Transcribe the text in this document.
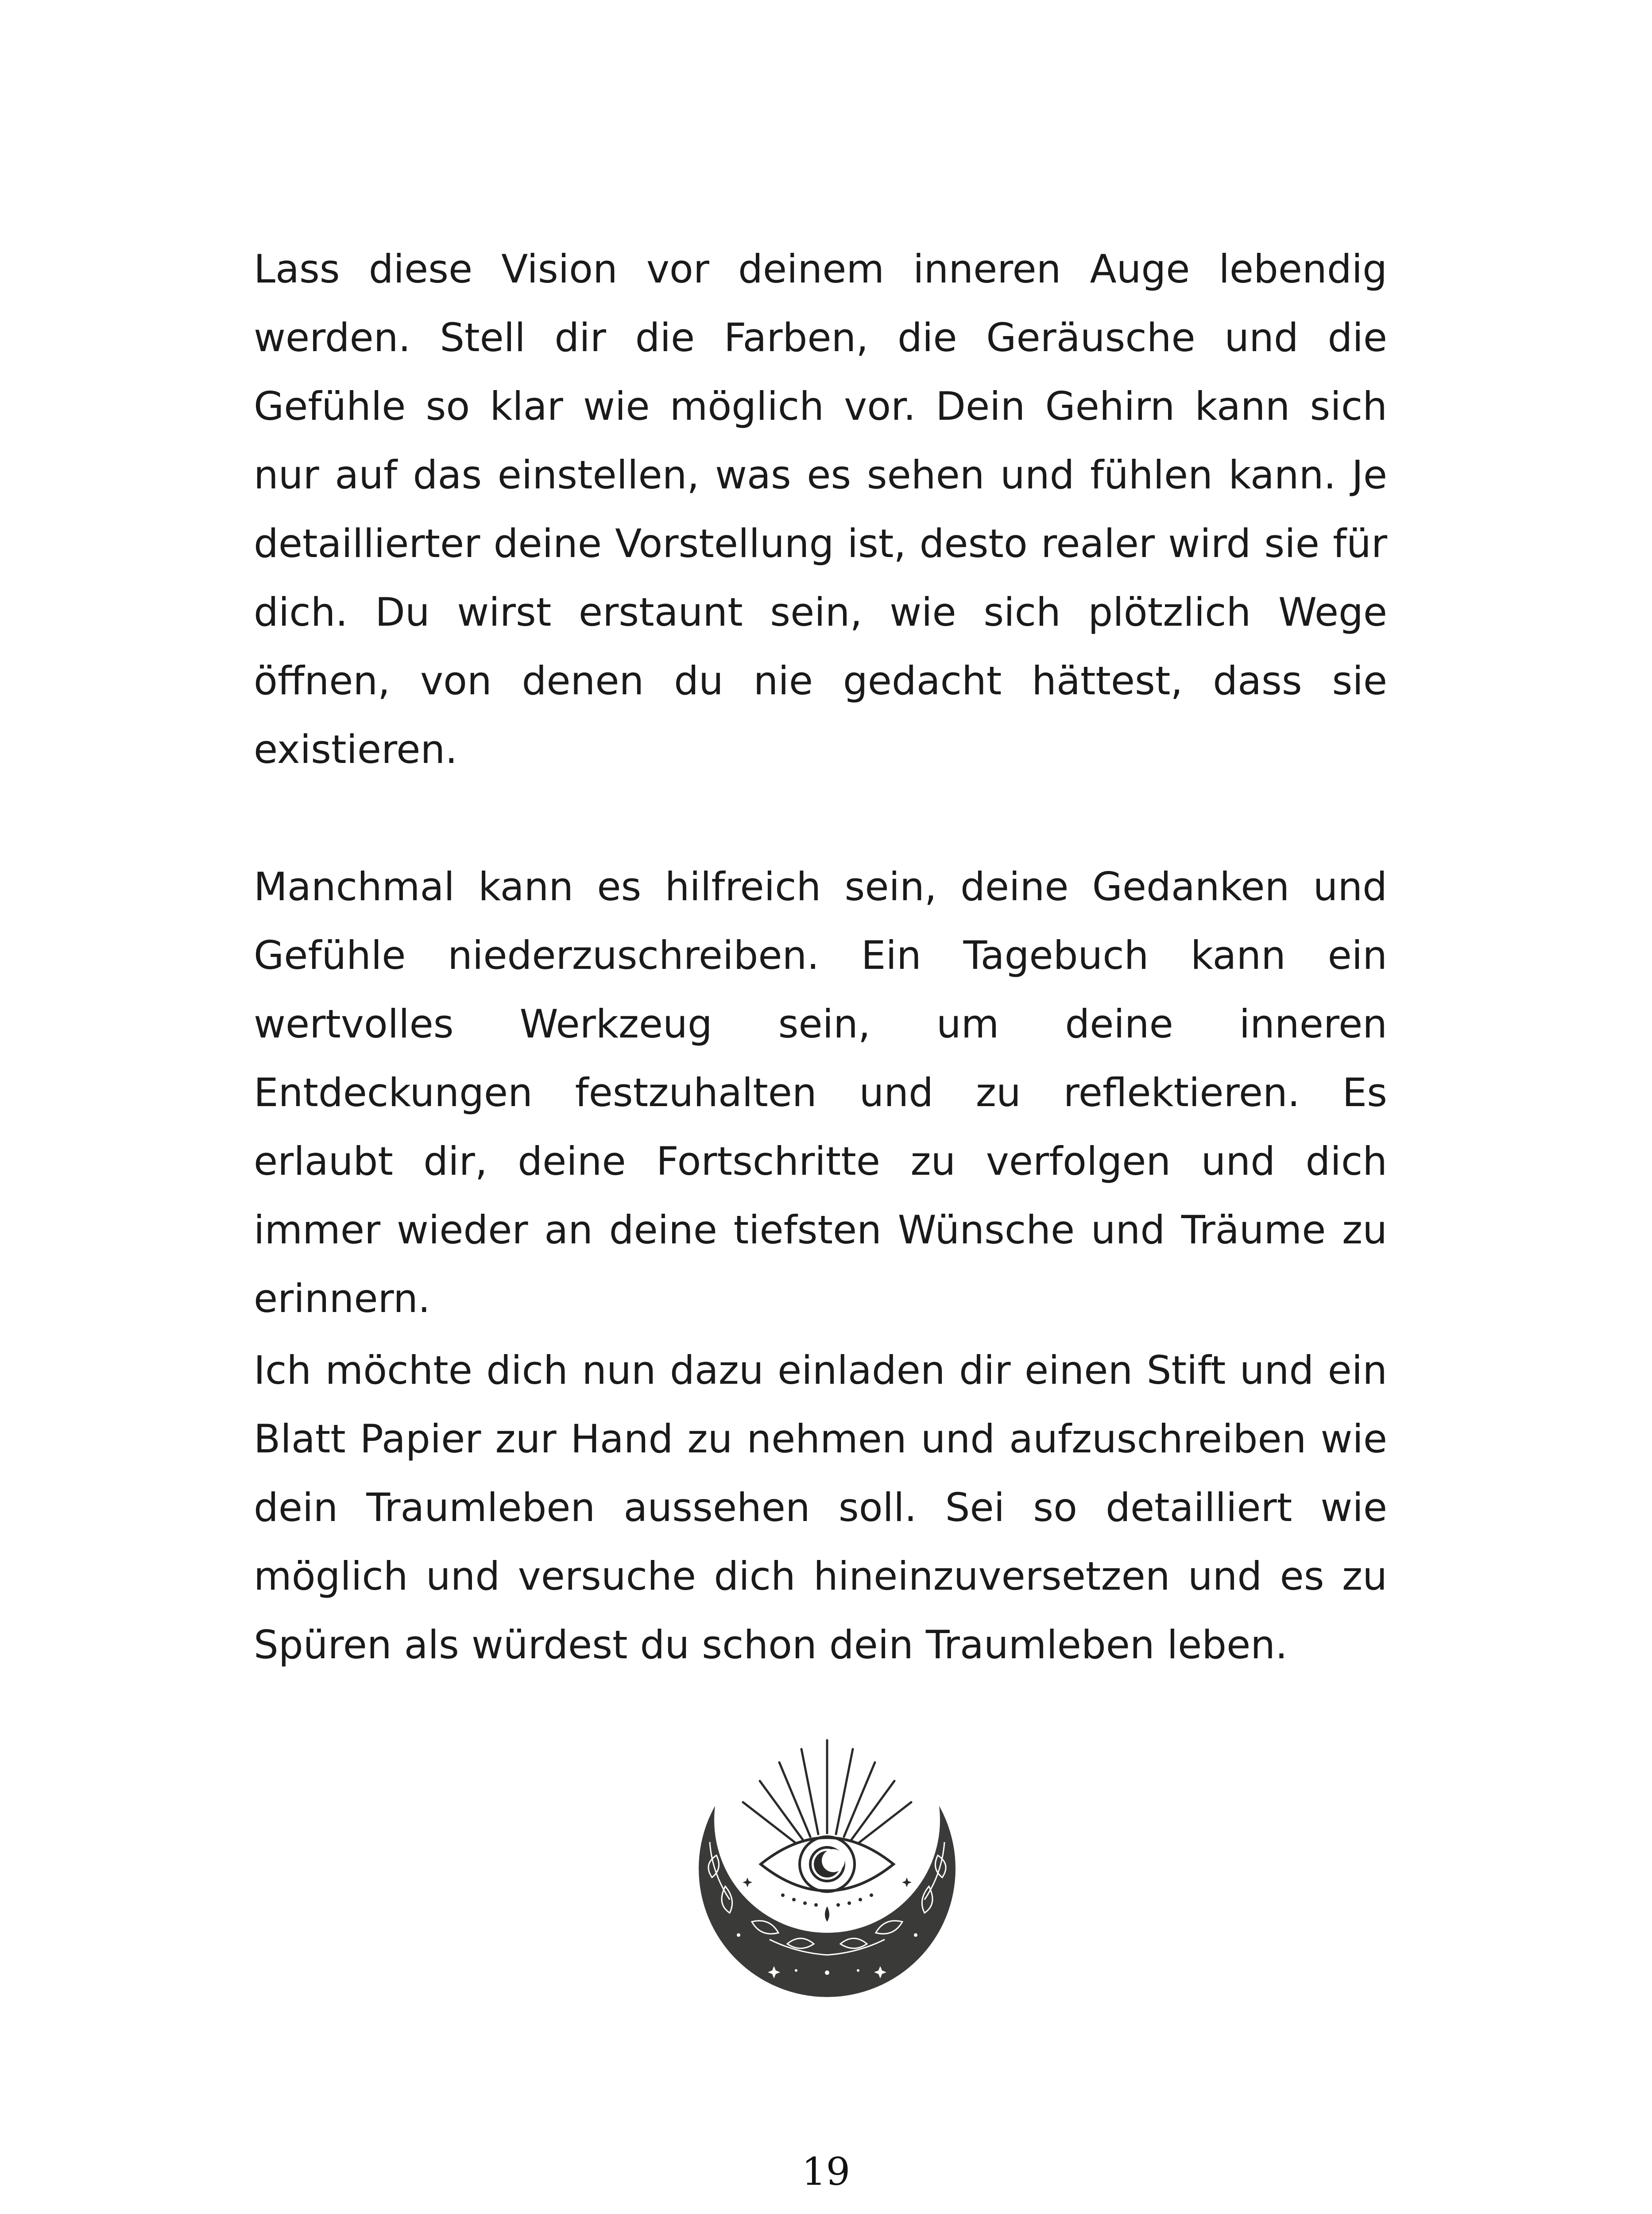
Lass diese Vision vor deinem inneren Auge lebendig werden. Stell dir die Farben, die Geräusche und die Gefühle so klar wie möglich vor. Dein Gehirn kann sich nur auf das einstellen, was es sehen und fühlen kann. Je detaillierter deine Vorstellung ist, desto realer wird sie für dich. Du wirst erstaunt sein, wie sich plötzlich Wege öffnen, von denen du nie gedacht hättest, dass sie existieren.

Manchmal kann es hilfreich sein, deine Gedanken und Gefühle niederzuschreiben. Ein Tagebuch kann ein wertvolles Werkzeug sein, um deine inneren Entdeckungen festzuhalten und zu reflektieren. Es erlaubt dir, deine Fortschritte zu verfolgen und dich immer wieder an deine tiefsten Wünsche und Träume zu erinnern.

Ich möchte dich nun dazu einladen dir einen Stift und ein Blatt Papier zur Hand zu nehmen und aufzuschreiben wie dein Traumleben aussehen soll. Sei so detailliert wie möglich und versuche dich hineinzuversetzen und es zu Spüren als würdest du schon dein Traumleben leben.

19
